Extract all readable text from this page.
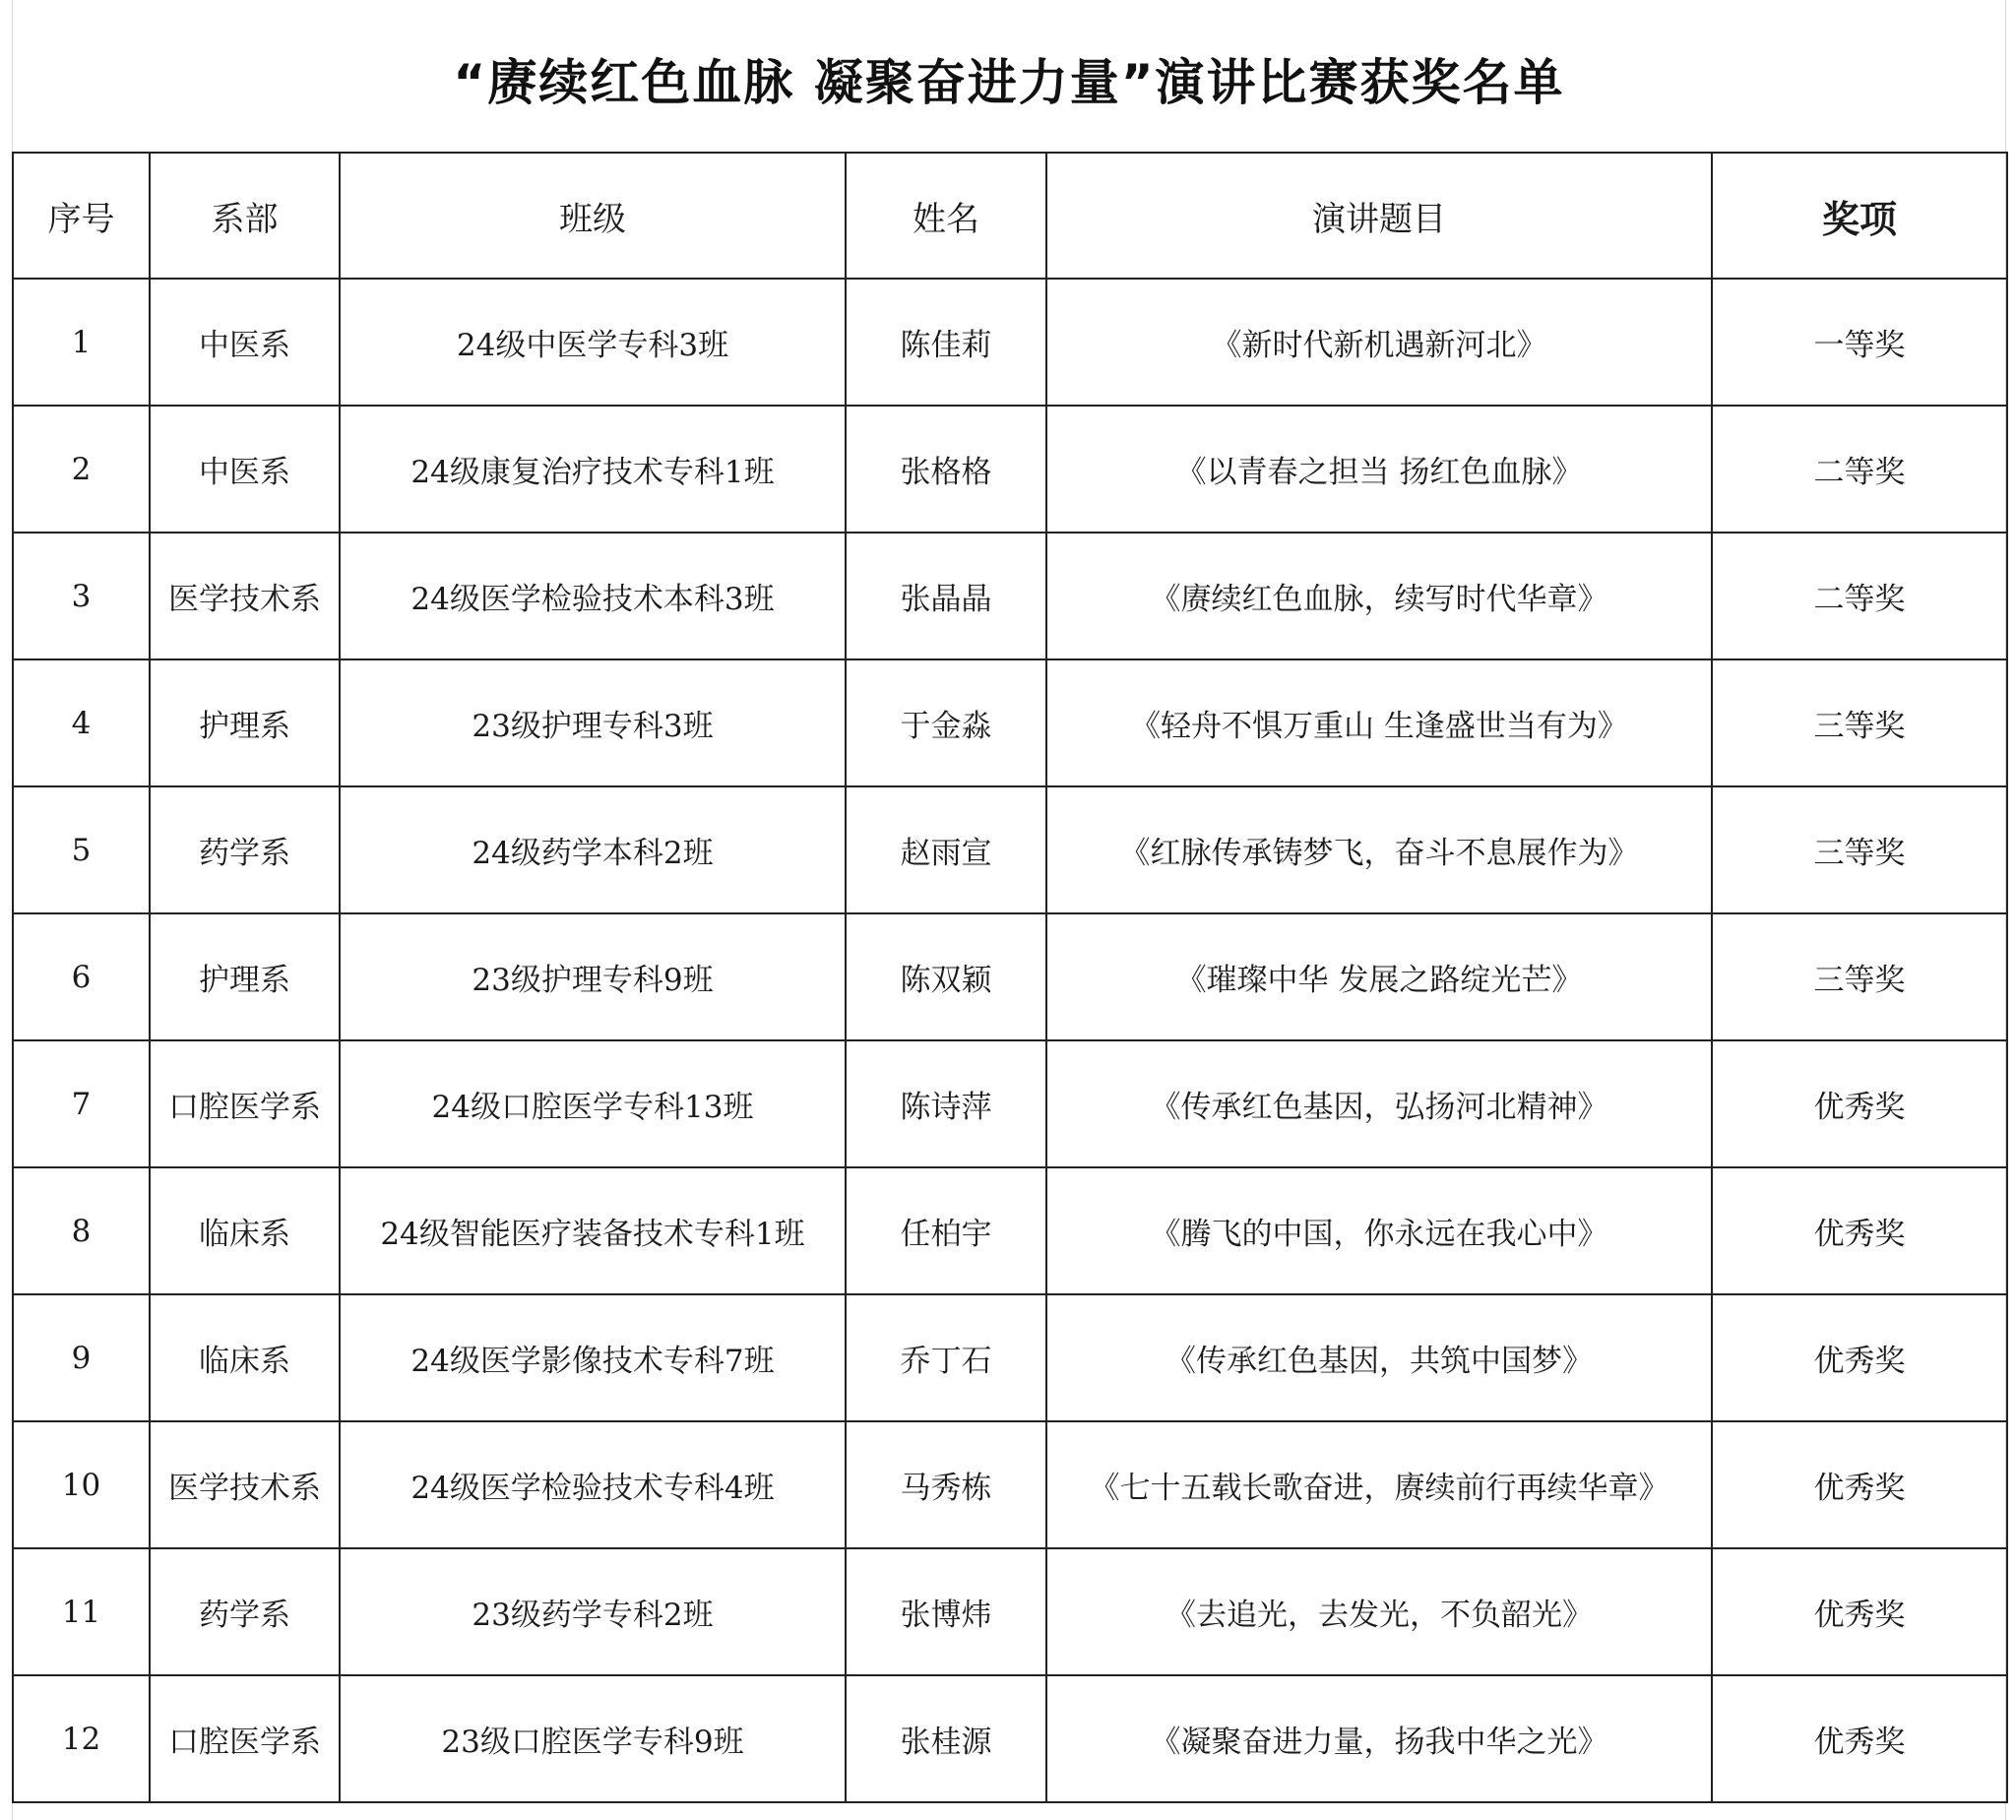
“赓续红色血脉 凝聚奋进力量”演讲比赛获奖名单
序号	系部	班级	姓名	演讲题目	奖项
1	中医系	24级中医学专科3班	陈佳莉	《新时代新机遇新河北》	一等奖
2	中医系	24级康复治疗技术专科1班	张格格	《以青春之担当 扬红色血脉》	二等奖
3	医学技术系	24级医学检验技术本科3班	张晶晶	《赓续红色血脉，续写时代华章》	二等奖
4	护理系	23级护理专科3班	于金淼	《轻舟不惧万重山 生逢盛世当有为》	三等奖
5	药学系	24级药学本科2班	赵雨宣	《红脉传承铸梦飞，奋斗不息展作为》	三等奖
6	护理系	23级护理专科9班	陈双颖	《璀璨中华 发展之路绽光芒》	三等奖
7	口腔医学系	24级口腔医学专科13班	陈诗萍	《传承红色基因，弘扬河北精神》	优秀奖
8	临床系	24级智能医疗装备技术专科1班	任柏宇	《腾飞的中国，你永远在我心中》	优秀奖
9	临床系	24级医学影像技术专科7班	乔丁石	《传承红色基因，共筑中国梦》	优秀奖
10	医学技术系	24级医学检验技术专科4班	马秀栋	《七十五载长歌奋进，赓续前行再续华章》	优秀奖
11	药学系	23级药学专科2班	张博炜	《去追光，去发光，不负韶光》	优秀奖
12	口腔医学系	23级口腔医学专科9班	张桂源	《凝聚奋进力量，扬我中华之光》	优秀奖
